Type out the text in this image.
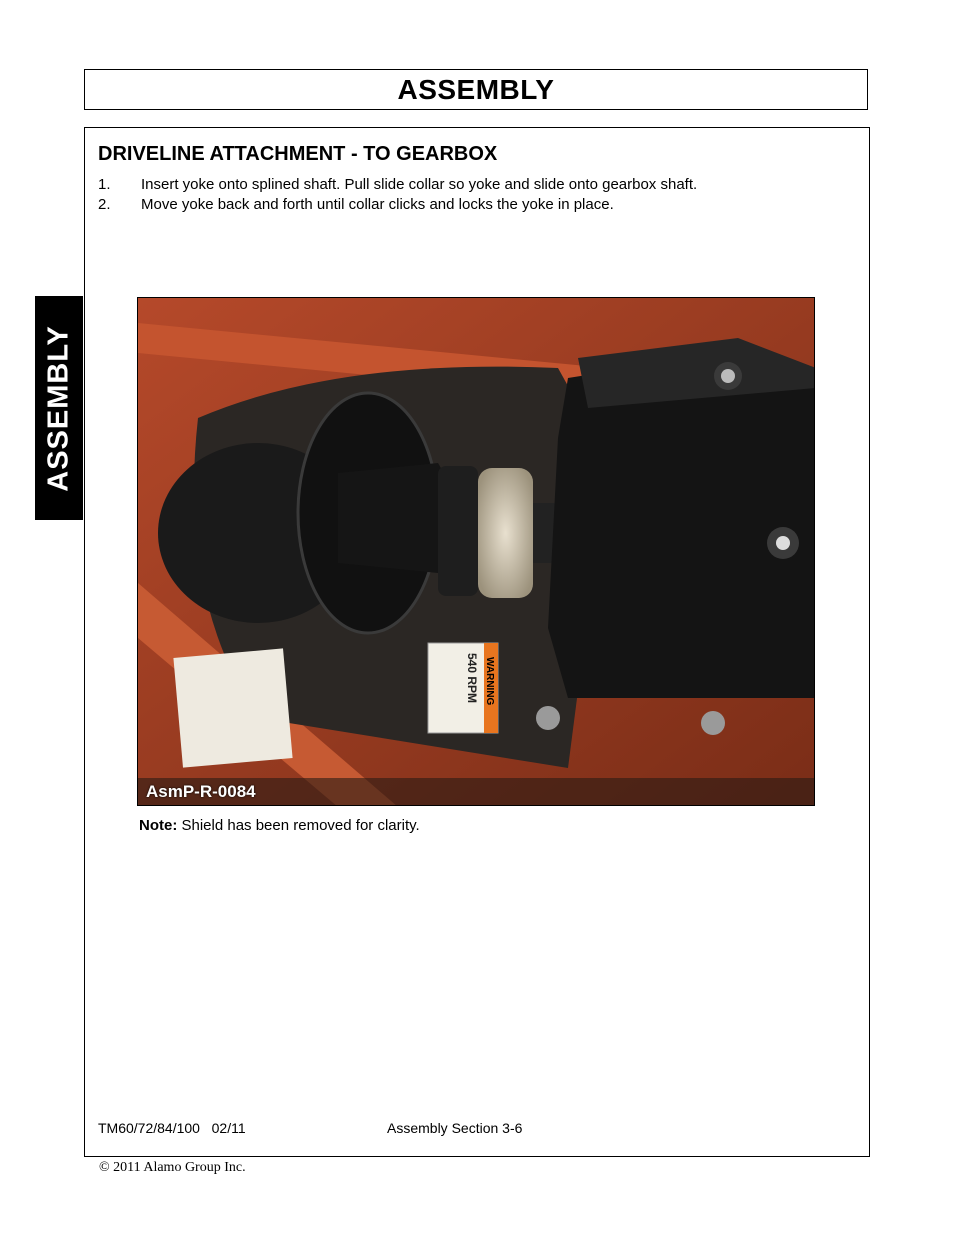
ASSEMBLY
ASSEMBLY
DRIVELINE ATTACHMENT - TO GEARBOX
1. Insert yoke onto splined shaft. Pull slide collar so yoke and slide onto gearbox shaft.
2. Move yoke back and forth until collar clicks and locks the yoke in place.
WARNING
540 RPM
AsmP-R-0084
Note: Shield has been removed for clarity.
TM60/72/84/100   02/11	Assembly Section 3-6
© 2011 Alamo Group Inc.
